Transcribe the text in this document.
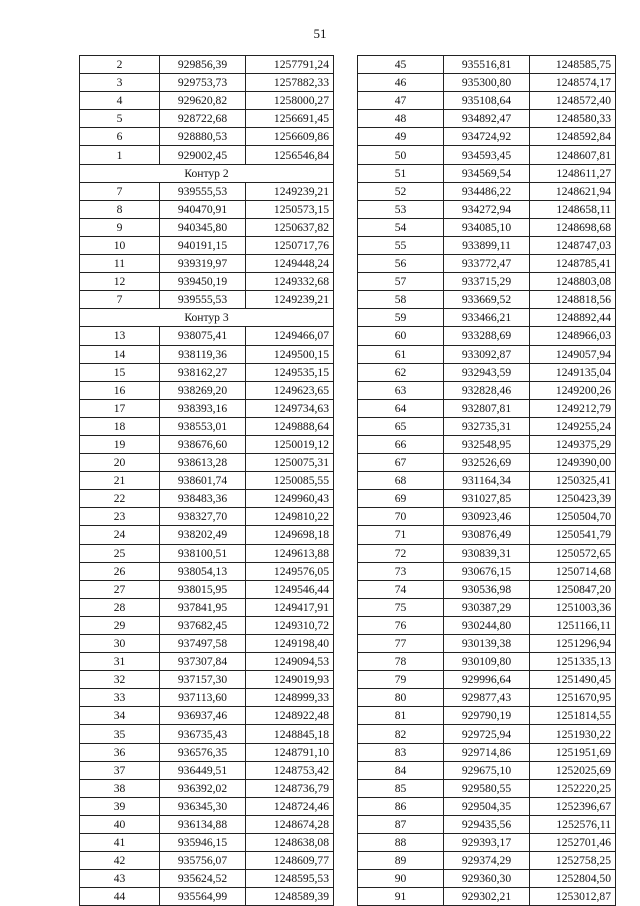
51
2	929856,39	1257791,24
3	929753,73	1257882,33
4	929620,82	1258000,27
5	928722,68	1256691,45
6	928880,53	1256609,86
1	929002,45	1256546,84
Контур 2		
7	939555,53	1249239,21
8	940470,91	1250573,15
9	940345,80	1250637,82
10	940191,15	1250717,76
11	939319,97	1249448,24
12	939450,19	1249332,68
7	939555,53	1249239,21
Контур 3		
13	938075,41	1249466,07
14	938119,36	1249500,15
15	938162,27	1249535,15
16	938269,20	1249623,65
17	938393,16	1249734,63
18	938553,01	1249888,64
19	938676,60	1250019,12
20	938613,28	1250075,31
21	938601,74	1250085,55
22	938483,36	1249960,43
23	938327,70	1249810,22
24	938202,49	1249698,18
25	938100,51	1249613,88
26	938054,13	1249576,05
27	938015,95	1249546,44
28	937841,95	1249417,91
29	937682,45	1249310,72
30	937497,58	1249198,40
31	937307,84	1249094,53
32	937157,30	1249019,93
33	937113,60	1248999,33
34	936937,46	1248922,48
35	936735,43	1248845,18
36	936576,35	1248791,10
37	936449,51	1248753,42
38	936392,02	1248736,79
39	936345,30	1248724,46
40	936134,88	1248674,28
41	935946,15	1248638,08
42	935756,07	1248609,77
43	935624,52	1248595,53
44	935564,99	1248589,39
45	935516,81	1248585,75
46	935300,80	1248574,17
47	935108,64	1248572,40
48	934892,47	1248580,33
49	934724,92	1248592,84
50	934593,45	1248607,81
51	934569,54	1248611,27
52	934486,22	1248621,94
53	934272,94	1248658,11
54	934085,10	1248698,68
55	933899,11	1248747,03
56	933772,47	1248785,41
57	933715,29	1248803,08
58	933669,52	1248818,56
59	933466,21	1248892,44
60	933288,69	1248966,03
61	933092,87	1249057,94
62	932943,59	1249135,04
63	932828,46	1249200,26
64	932807,81	1249212,79
65	932735,31	1249255,24
66	932548,95	1249375,29
67	932526,69	1249390,00
68	931164,34	1250325,41
69	931027,85	1250423,39
70	930923,46	1250504,70
71	930876,49	1250541,79
72	930839,31	1250572,65
73	930676,15	1250714,68
74	930536,98	1250847,20
75	930387,29	1251003,36
76	930244,80	1251166,11
77	930139,38	1251296,94
78	930109,80	1251335,13
79	929996,64	1251490,45
80	929877,43	1251670,95
81	929790,19	1251814,55
82	929725,94	1251930,22
83	929714,86	1251951,69
84	929675,10	1252025,69
85	929580,55	1252220,25
86	929504,35	1252396,67
87	929435,56	1252576,11
88	929393,17	1252701,46
89	929374,29	1252758,25
90	929360,30	1252804,50
91	929302,21	1253012,87
